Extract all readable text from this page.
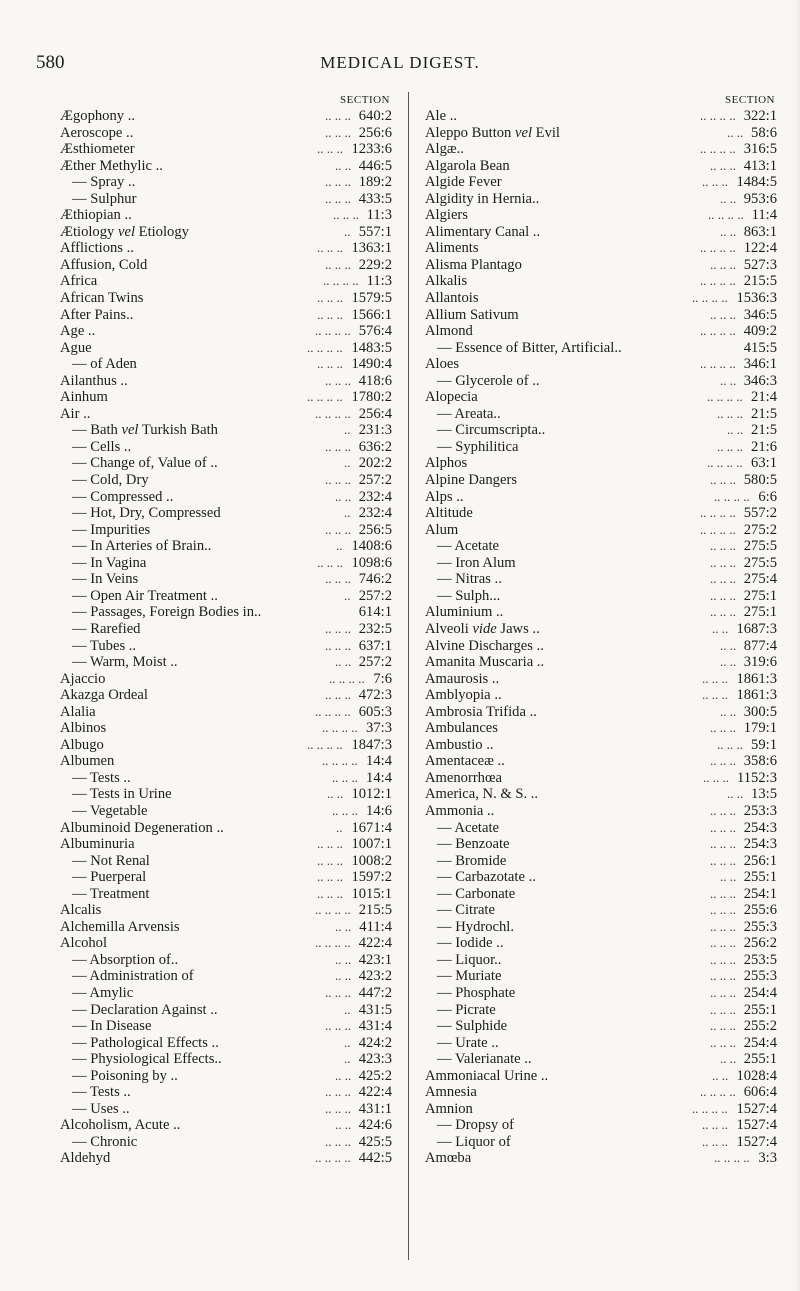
580	MEDICAL DIGEST.
SECTION
Ægophony ..	.. .. .. 640:2
Aeroscope ..	.. .. .. 256:6
Æsthiometer	.. .. .. 1233:6
Æther Methylic ..	.. .. 446:5
— Spray ..	.. .. .. 189:2
— Sulphur	.. .. .. 433:5
Æthiopian ..	.. .. .. 11:3
Ætiology vel Etiology	.. 557:1
Afflictions ..	.. .. .. 1363:1
Affusion, Cold	.. .. .. 229:2
Africa	.. .. .. .. 11:3
African Twins	.. .. .. 1579:5
After Pains..	.. .. .. 1566:1
Age ..	.. .. .. .. 576:4
Ague	.. .. .. .. 1483:5
— of Aden	.. .. .. 1490:4
Ailanthus ..	.. .. .. 418:6
Ainhum	.. .. .. .. 1780:2
Air ..	.. .. .. .. 256:4
— Bath vel Turkish Bath	.. 231:3
— Cells ..	.. .. .. 636:2
— Change of, Value of ..	.. 202:2
— Cold, Dry	.. .. .. 257:2
— Compressed ..	.. .. 232:4
— Hot, Dry, Compressed	.. 232:4
— Impurities	.. .. .. 256:5
— In Arteries of Brain..	.. 1408:6
— In Vagina	.. .. .. 1098:6
— In Veins	.. .. .. 746:2
— Open Air Treatment ..	.. 257:2
— Passages, Foreign Bodies in..	614:1
— Rarefied	.. .. .. 232:5
— Tubes ..	.. .. .. 637:1
— Warm, Moist ..	.. .. 257:2
Ajaccio	.. .. .. .. 7:6
Akazga Ordeal	.. .. .. 472:3
Alalia	.. .. .. .. 605:3
Albinos	.. .. .. .. 37:3
Albugo	.. .. .. .. 1847:3
Albumen	.. .. .. .. 14:4
— Tests ..	.. .. .. 14:4
— Tests in Urine	.. .. 1012:1
— Vegetable	.. .. .. 14:6
Albuminoid Degeneration ..	.. 1671:4
Albuminuria	.. .. .. 1007:1
— Not Renal	.. .. .. 1008:2
— Puerperal	.. .. .. 1597:2
— Treatment	.. .. .. 1015:1
Alcalis	.. .. .. .. 215:5
Alchemilla Arvensis	.. .. 411:4
Alcohol	.. .. .. .. 422:4
— Absorption of..	.. .. 423:1
— Administration of	.. .. 423:2
— Amylic	.. .. .. 447:2
— Declaration Against ..	.. 431:5
— In Disease	.. .. .. 431:4
— Pathological Effects ..	.. 424:2
— Physiological Effects..	.. 423:3
— Poisoning by ..	.. .. 425:2
— Tests ..	.. .. .. 422:4
— Uses ..	.. .. .. 431:1
Alcoholism, Acute ..	.. .. 424:6
— Chronic	.. .. .. 425:5
Aldehyd	.. .. .. .. 442:5
SECTION
Ale ..	.. .. .. .. 322:1
Aleppo Button vel Evil	.. .. 58:6
Algæ..	.. .. .. .. 316:5
Algarola Bean	.. .. .. 413:1
Algide Fever	.. .. .. 1484:5
Algidity in Hernia..	.. .. 953:6
Algiers	.. .. .. .. 11:4
Alimentary Canal ..	.. .. 863:1
Aliments	.. .. .. .. 122:4
Alisma Plantago	.. .. .. 527:3
Alkalis	.. .. .. .. 215:5
Allantois	.. .. .. .. 1536:3
Allium Sativum	.. .. .. 346:5
Almond	.. .. .. .. 409:2
— Essence of Bitter, Artificial..	415:5
Aloes	.. .. .. .. 346:1
— Glycerole of ..	.. .. 346:3
Alopecia	.. .. .. .. 21:4
— Areata..	.. .. .. 21:5
— Circumscripta..	.. .. 21:5
— Syphilitica	.. .. .. 21:6
Alphos	.. .. .. .. 63:1
Alpine Dangers	.. .. .. 580:5
Alps ..	.. .. .. .. 6:6
Altitude	.. .. .. .. 557:2
Alum	.. .. .. .. 275:2
— Acetate	.. .. .. 275:5
— Iron Alum	.. .. .. 275:5
— Nitras ..	.. .. .. 275:4
— Sulph...	.. .. .. 275:1
Aluminium ..	.. .. .. 275:1
Alveoli vide Jaws ..	.. .. 1687:3
Alvine Discharges ..	.. .. 877:4
Amanita Muscaria ..	.. .. 319:6
Amaurosis ..	.. .. .. 1861:3
Amblyopia ..	.. .. .. 1861:3
Ambrosia Trifida ..	.. .. 300:5
Ambulances	.. .. .. 179:1
Ambustio ..	.. .. .. 59:1
Amentaceæ ..	.. .. .. 358:6
Amenorrhœa	.. .. .. 1152:3
America, N. & S. ..	.. .. 13:5
Ammonia ..	.. .. .. 253:3
— Acetate	.. .. .. 254:3
— Benzoate	.. .. .. 254:3
— Bromide	.. .. .. 256:1
— Carbazotate ..	.. .. 255:1
— Carbonate	.. .. .. 254:1
— Citrate	.. .. .. 255:6
— Hydrochl.	.. .. .. 255:3
— Iodide ..	.. .. .. 256:2
— Liquor..	.. .. .. 253:5
— Muriate	.. .. .. 255:3
— Phosphate	.. .. .. 254:4
— Picrate	.. .. .. 255:1
— Sulphide	.. .. .. 255:2
— Urate ..	.. .. .. 254:4
— Valerianate ..	.. .. 255:1
Ammoniacal Urine ..	.. .. 1028:4
Amnesia	.. .. .. .. 606:4
Amnion	.. .. .. .. 1527:4
— Dropsy of	.. .. .. 1527:4
— Liquor of	.. .. .. 1527:4
Amœba	.. .. .. .. 3:3
